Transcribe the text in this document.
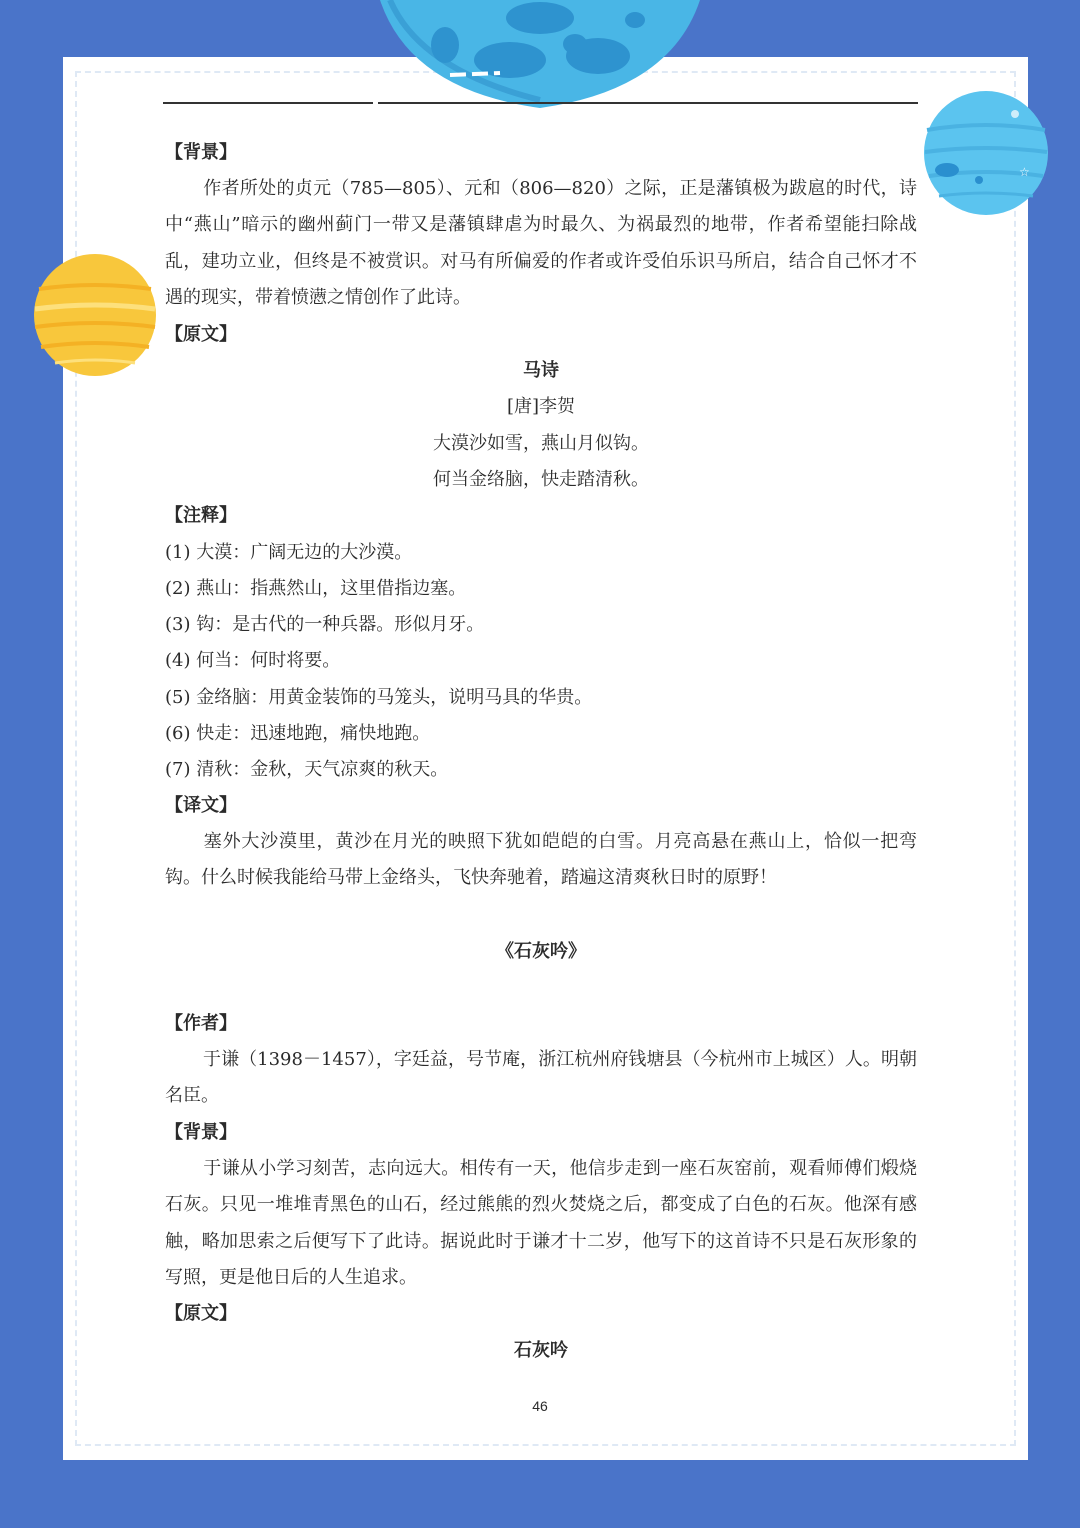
☆
【背景】
作者所处的贞元（785—805）、元和（806—820）之际，正是藩镇极为跋扈的时代，诗中“燕山”暗示的幽州蓟门一带又是藩镇肆虐为时最久、为祸最烈的地带，作者希望能扫除战乱，建功立业，但终是不被赏识。对马有所偏爱的作者或许受伯乐识马所启，结合自己怀才不遇的现实，带着愤懑之情创作了此诗。
【原文】
马诗
[唐]李贺
大漠沙如雪，燕山月似钩。
何当金络脑，快走踏清秋。
【注释】
(1) 大漠：广阔无边的大沙漠。
(2) 燕山：指燕然山，这里借指边塞。
(3) 钩：是古代的一种兵器。形似月牙。
(4) 何当：何时将要。
(5) 金络脑：用黄金装饰的马笼头，说明马具的华贵。
(6) 快走：迅速地跑，痛快地跑。
(7) 清秋：金秋，天气凉爽的秋天。
【译文】
塞外大沙漠里，黄沙在月光的映照下犹如皑皑的白雪。月亮高悬在燕山上，恰似一把弯钩。什么时候我能给马带上金络头，飞快奔驰着，踏遍这清爽秋日时的原野！
《石灰吟》
【作者】
于谦（1398－1457），字廷益，号节庵，浙江杭州府钱塘县（今杭州市上城区）人。明朝名臣。
【背景】
于谦从小学习刻苦，志向远大。相传有一天，他信步走到一座石灰窑前，观看师傅们煅烧石灰。只见一堆堆青黑色的山石，经过熊熊的烈火焚烧之后，都变成了白色的石灰。他深有感触，略加思索之后便写下了此诗。据说此时于谦才十二岁，他写下的这首诗不只是石灰形象的写照，更是他日后的人生追求。
【原文】
石灰吟
46
